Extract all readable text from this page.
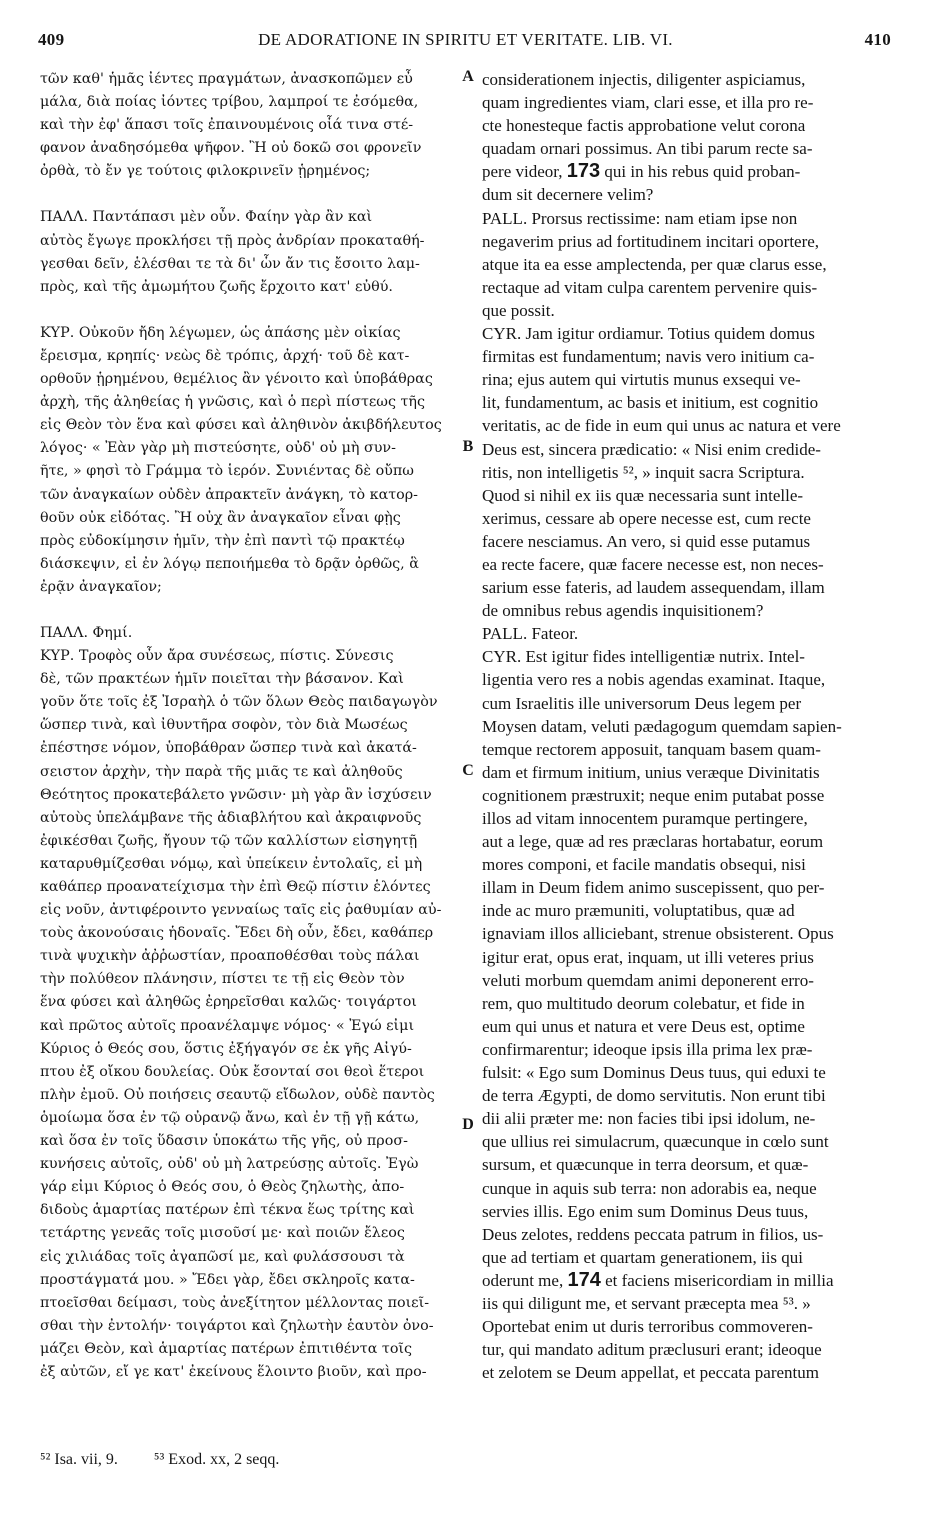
409	DE ADORATIONE IN SPIRITU ET VERITATE. LIB. VI.	410
τῶν καθ' ἡμᾶς ἰέντες πραγμάτων, ἀνασκοπῶμεν εὖ
μάλα, διὰ ποίας ἰόντες τρίβου, λαμπροί τε ἐσόμεθα,
καὶ τὴν ἐφ' ἅπασι τοῖς ἐπαινουμένοις οἷά τινα στέ-
φανον ἀναδησόμεθα ψῆφον. Ἢ οὐ δοκῶ σοι φρονεῖν
ὀρθὰ, τὸ ἔν γε τούτοις φιλοκρινεῖν ᾑρημένος;
ΠΑΛΛ. Παντάπασι μὲν οὖν. Φαίην γὰρ ἂν καὶ
αὐτὸς ἔγωγε προκλήσει τῇ πρὸς ἀνδρίαν προκαταθή-
γεσθαι δεῖν, ἑλέσθαι τε τὰ δι' ὧν ἄν τις ἔσοιτο λαμ-
πρὸς, καὶ τῆς ἀμωμήτου ζωῆς ἔρχοιτο κατ' εὐθύ.
ΚΥΡ. Οὐκοῦν ἤδη λέγωμεν, ὡς ἁπάσης μὲν οἰκίας
ἔρεισμα, κρηπίς· νεὼς δὲ τρόπις, ἀρχή· τοῦ δὲ κατ-
ορθοῦν ᾑρημένου, θεμέλιος ἂν γένοιτο καὶ ὑποβάθρας
ἀρχὴ, τῆς ἀληθείας ἡ γνῶσις, καὶ ὁ περὶ πίστεως τῆς
εἰς Θεὸν τὸν ἕνα καὶ φύσει καὶ ἀληθινὸν ἀκιβδήλευτος
λόγος· « Ἐὰν γὰρ μὴ πιστεύσητε, οὐδ' οὐ μὴ συν-
ῆτε, » φησὶ τὸ Γράμμα τὸ ἱερόν. Συνιέντας δὲ οὔπω
τῶν ἀναγκαίων οὐδὲν ἀπρακτεῖν ἀνάγκη, τὸ κατορ-
θοῦν οὐκ εἰδότας. Ἢ οὐχ ἂν ἀναγκαῖον εἶναι φῂς
πρὸς εὐδοκίμησιν ἡμῖν, τὴν ἐπὶ παντὶ τῷ πρακτέῳ
διάσκεψιν, εἰ ἐν λόγῳ πεποιήμεθα τὸ δρᾷν ὀρθῶς, ἃ
ἐρᾷν ἀναγκαῖον;
ΠΑΛΛ. Φημί.
ΚΥΡ. Τροφὸς οὖν ἄρα συνέσεως, πίστις. Σύνεσις
δὲ, τῶν πρακτέων ἡμῖν ποιεῖται τὴν βάσανον. Καὶ
γοῦν ὅτε τοῖς ἐξ Ἰσραὴλ ὁ τῶν ὅλων Θεὸς παιδαγωγὸν
ὥσπερ τινὰ, καὶ ἰθυντῆρα σοφὸν, τὸν διὰ Μωσέως
ἐπέστησε νόμον, ὑποβάθραν ὥσπερ τινὰ καὶ ἀκατά-
σειστον ἀρχὴν, τὴν παρὰ τῆς μιᾶς τε καὶ ἀληθοῦς
Θεότητος προκατεβάλετο γνῶσιν· μὴ γὰρ ἂν ἰσχύσειν
αὐτοὺς ὑπελάμβανε τῆς ἀδιαβλήτου καὶ ἀκραιφνοῦς
ἐφικέσθαι ζωῆς, ἤγουν τῷ τῶν καλλίστων εἰσηγητῇ
καταρυθμίζεσθαι νόμῳ, καὶ ὑπείκειν ἐντολαῖς, εἰ μὴ
καθάπερ προανατείχισμα τὴν ἐπὶ Θεῷ πίστιν ἑλόντες
εἰς νοῦν, ἀντιφέροιντο γενναίως ταῖς εἰς ῥαθυμίαν αὐ-
τοὺς ἀκονούσαις ἡδοναῖς. Ἔδει δὴ οὖν, ἔδει, καθάπερ
τινὰ ψυχικὴν ἀῤῥωστίαν, προαποθέσθαι τοὺς πάλαι
τὴν πολύθεον πλάνησιν, πίστει τε τῇ εἰς Θεὸν τὸν
ἕνα φύσει καὶ ἀληθῶς ἐρηρεῖσθαι καλῶς· τοιγάρτοι
καὶ πρῶτος αὐτοῖς προανέλαμψε νόμος· « Ἐγώ εἰμι
Κύριος ὁ Θεός σου, ὅστις ἐξήγαγόν σε ἐκ γῆς Αἰγύ-
πτου ἐξ οἴκου δουλείας. Οὐκ ἔσονταί σοι θεοὶ ἕτεροι
πλὴν ἐμοῦ. Οὐ ποιήσεις σεαυτῷ εἴδωλον, οὐδὲ παντὸς
ὁμοίωμα ὅσα ἐν τῷ οὐρανῷ ἄνω, καὶ ἐν τῇ γῇ κάτω,
καὶ ὅσα ἐν τοῖς ὕδασιν ὑποκάτω τῆς γῆς, οὐ προσ-
κυνήσεις αὐτοῖς, οὐδ' οὐ μὴ λατρεύσῃς αὐτοῖς. Ἐγὼ
γάρ εἰμι Κύριος ὁ Θεός σου, ὁ Θεὸς ζηλωτὴς, ἀπο-
διδοὺς ἁμαρτίας πατέρων ἐπὶ τέκνα ἕως τρίτης καὶ
τετάρτης γενεᾶς τοῖς μισοῦσί με· καὶ ποιῶν ἔλεος
εἰς χιλιάδας τοῖς ἀγαπῶσί με, καὶ φυλάσσουσι τὰ
προστάγματά μου. » Ἔδει γὰρ, ἔδει σκληροῖς κατα-
πτοεῖσθαι δείμασι, τοὺς ἀνεξίτητον μέλλοντας ποιεῖ-
σθαι τὴν ἐντολήν· τοιγάρτοι καὶ ζηλωτὴν ἑαυτὸν ὀνο-
μάζει Θεὸν, καὶ ἁμαρτίας πατέρων ἐπιτιθέντα τοῖς
ἐξ αὐτῶν, εἴ γε κατ' ἐκείνους ἕλοιντο βιοῦν, καὶ προ-
considerationem injectis, diligenter aspiciamus,
quam ingredientes viam, clari esse, et illa pro re-
cte honesteque factis approbatione velut corona
quadam ornari possimus. An tibi parum recte sa-
pere videor, 173 qui in his rebus quid proban-
dum sit decernere velim?
PALL. Prorsus rectissime: nam etiam ipse non
negaverim prius ad fortitudinem incitari oportere,
atque ita ea esse amplectenda, per quæ clarus esse,
rectaque ad vitam culpa carentem pervenire quis-
que possit.
CYR. Jam igitur ordiamur. Totius quidem domus
firmitas est fundamentum; navis vero initium ca-
rina; ejus autem qui virtutis munus exsequi ve-
lit, fundamentum, ac basis et initium, est cognitio
veritatis, ac de fide in eum qui unus ac natura et vere
Deus est, sincera prædicatio: « Nisi enim credide-
ritis, non intelligetis ⁵², » inquit sacra Scriptura.
Quod si nihil ex iis quæ necessaria sunt intelle-
xerimus, cessare ab opere necesse est, cum recte
facere nesciamus. An vero, si quid esse putamus
ea recte facere, quæ facere necesse est, non neces-
sarium esse fateris, ad laudem assequendam, illam
de omnibus rebus agendis inquisitionem?
PALL. Fateor.
CYR. Est igitur fides intelligentiæ nutrix. Intel-
ligentia vero res a nobis agendas examinat. Itaque,
cum Israelitis ille universorum Deus legem per
Moysen datam, veluti pædagogum quemdam sapien-
temque rectorem apposuit, tanquam basem quam-
dam et firmum initium, unius veræque Divinitatis
cognitionem præstruxit; neque enim putabat posse
illos ad vitam innocentem puramque pertingere,
aut a lege, quæ ad res præclaras hortabatur, eorum
mores componi, et facile mandatis obsequi, nisi
illam in Deum fidem animo suscepissent, quo per-
inde ac muro præmuniti, voluptatibus, quæ ad
ignaviam illos alliciebant, strenue obsisterent. Opus
igitur erat, opus erat, inquam, ut illi veteres prius
veluti morbum quemdam animi deponerent erro-
rem, quo multitudo deorum colebatur, et fide in
eum qui unus et natura et vere Deus est, optime
confirmarentur; ideoque ipsis illa prima lex præ-
fulsit: « Ego sum Dominus Deus tuus, qui eduxi te
de terra Ægypti, de domo servitutis. Non erunt tibi
dii alii præter me: non facies tibi ipsi idolum, ne-
que ullius rei simulacrum, quæcunque in cœlo sunt
sursum, et quæcunque in terra deorsum, et quæ-
cunque in aquis sub terra: non adorabis ea, neque
servies illis. Ego enim sum Dominus Deus tuus,
Deus zelotes, reddens peccata patrum in filios, us-
que ad tertiam et quartam generationem, iis qui
oderunt me, 174 et faciens misericordiam in millia
iis qui diligunt me, et servant præcepta mea ⁵³. »
Oportebat enim ut duris terroribus commoveren-
tur, qui mandato aditum præclusuri erant; ideoque
et zelotem se Deum appellat, et peccata parentum
A
B
C
D
⁵² Isa. vii, 9. ⁵³ Exod. xx, 2 seqq.
